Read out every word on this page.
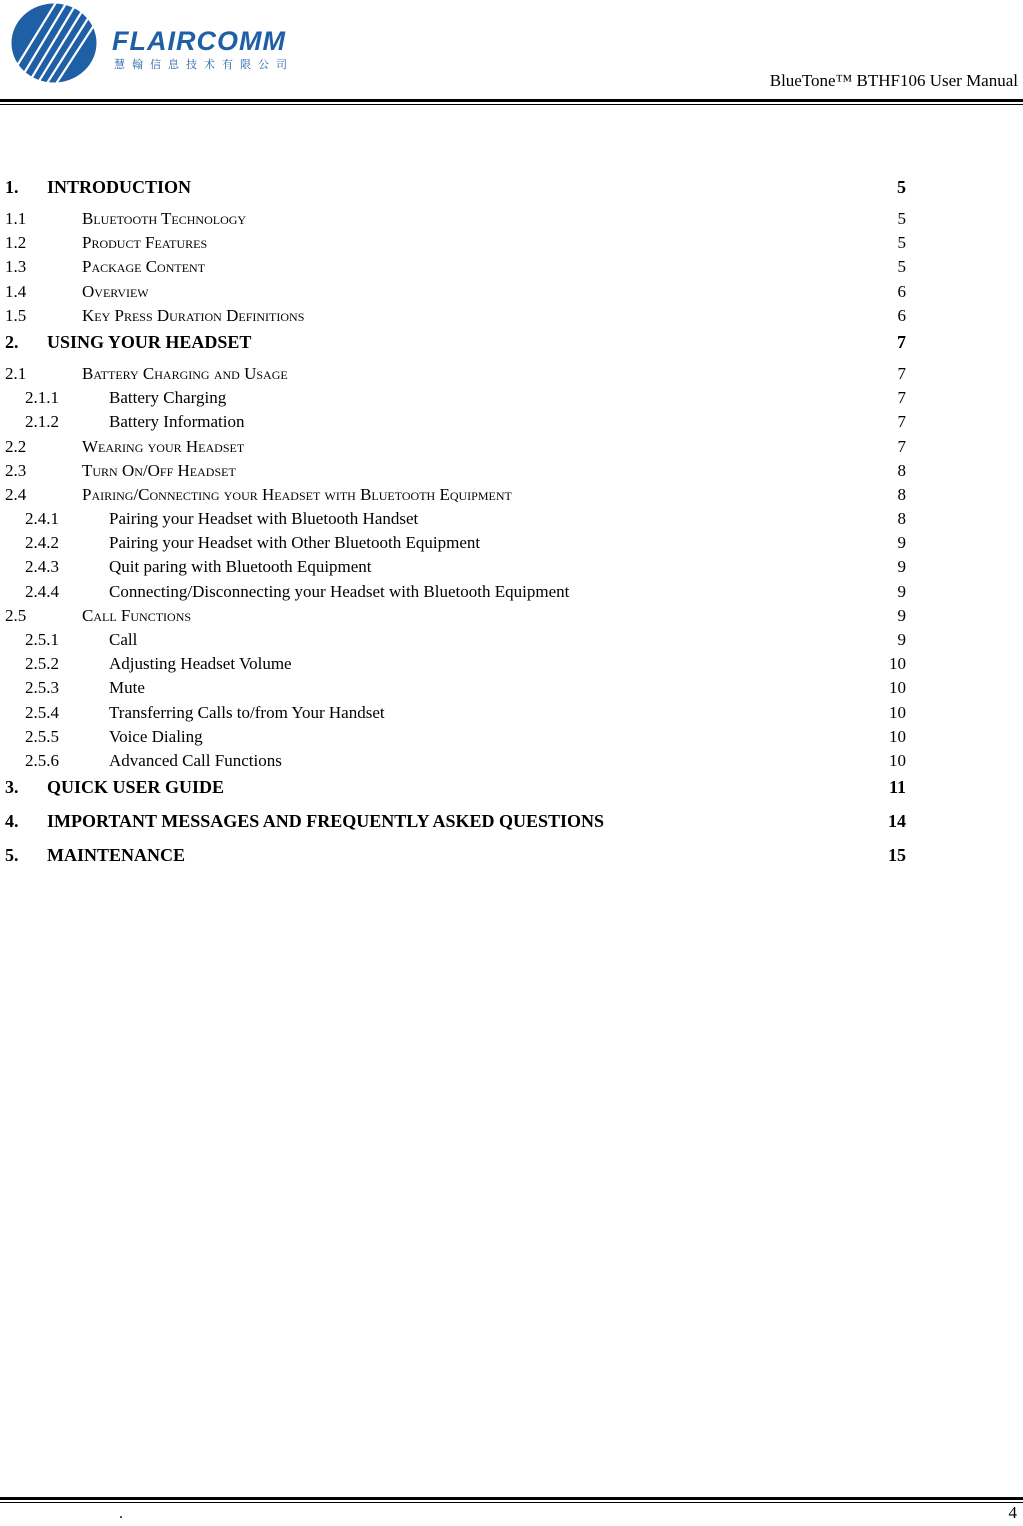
FLAIRCOMM
慧翰信息技术有限公司
BlueTone™ BTHF106 User Manual
1.	INTRODUCTION	5
1.1	Bluetooth Technology	5
1.2	Product Features	5
1.3	Package Content	5
1.4	Overview	6
1.5	Key Press Duration Definitions	6
2.	USING YOUR HEADSET	7
2.1	Battery Charging and Usage	7
2.1.1	Battery Charging	7
2.1.2	Battery Information	7
2.2	Wearing your Headset	7
2.3	Turn On/Off Headset	8
2.4	Pairing/Connecting your Headset with Bluetooth Equipment	8
2.4.1	Pairing your Headset with Bluetooth Handset	8
2.4.2	Pairing your Headset with Other Bluetooth Equipment	9
2.4.3	Quit paring with Bluetooth Equipment	9
2.4.4	Connecting/Disconnecting your Headset with Bluetooth Equipment	9
2.5	Call Functions	9
2.5.1	Call	9
2.5.2	Adjusting Headset Volume	10
2.5.3	Mute	10
2.5.4	Transferring Calls to/from Your Handset	10
2.5.5	Voice Dialing	10
2.5.6	Advanced Call Functions	10
3.	QUICK USER GUIDE	11
4.	IMPORTANT MESSAGES AND FREQUENTLY ASKED QUESTIONS	14
5.	MAINTENANCE	15
.	4
